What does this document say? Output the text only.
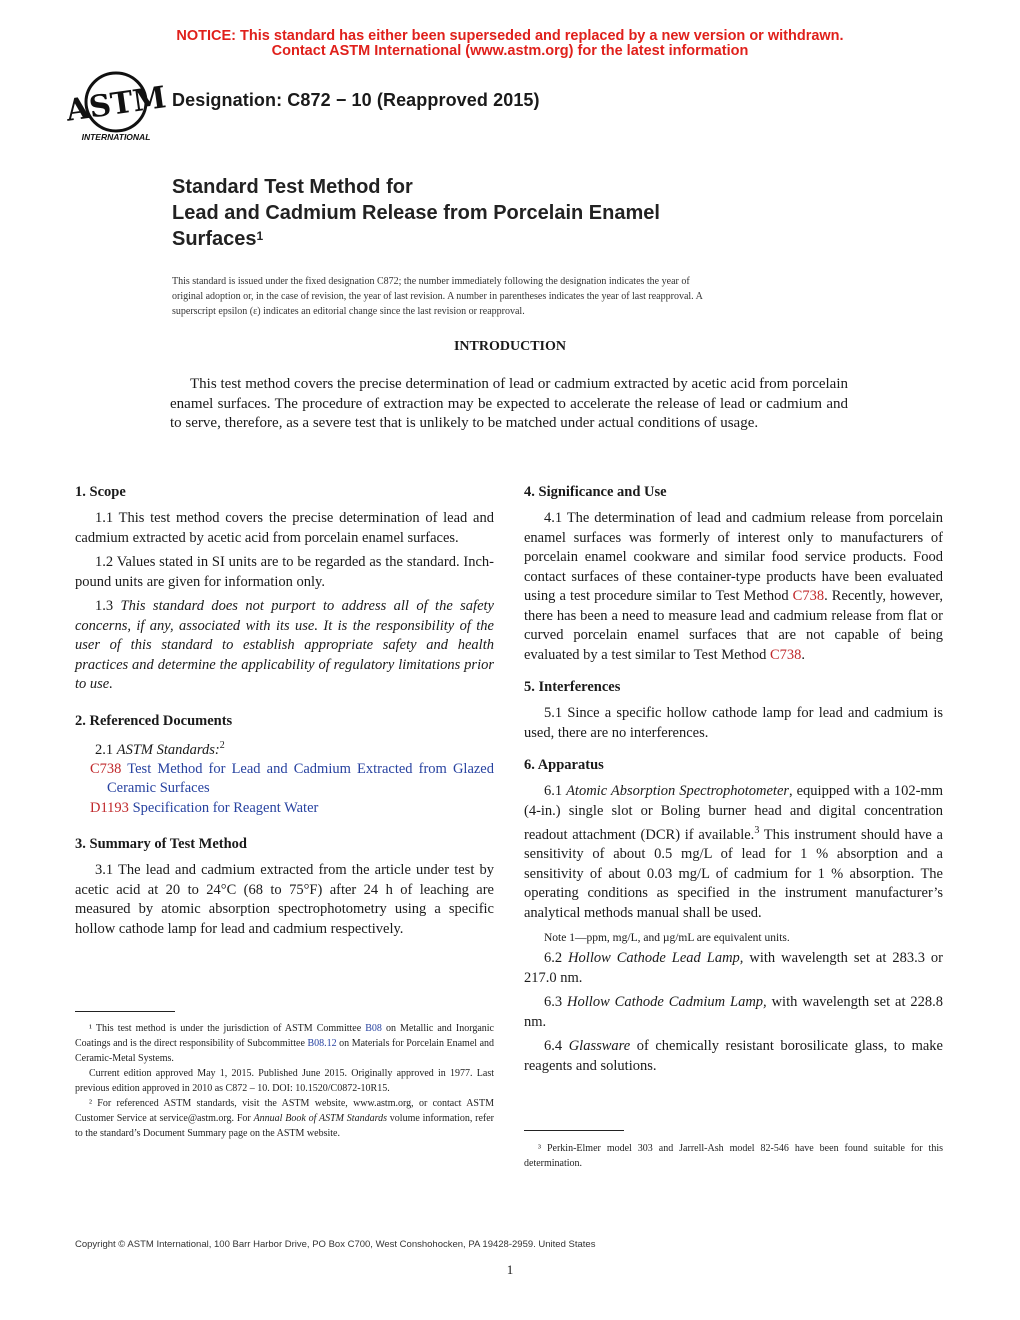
NOTICE: This standard has either been superseded and replaced by a new version or withdrawn.
Contact ASTM International (www.astm.org) for the latest information
ASTM
INTERNATIONAL
Designation: C872 − 10 (Reapproved 2015)
Standard Test Method for
Lead and Cadmium Release from Porcelain Enamel
Surfaces$^1$
This standard is issued under the fixed designation C872; the number immediately following the designation indicates the year of
original adoption or, in the case of revision, the year of last revision. A number in parentheses indicates the year of last reapproval. A
superscript epsilon (ε) indicates an editorial change since the last revision or reapproval.
INTRODUCTION
This test method covers the precise determination of lead or cadmium extracted by acetic acid from porcelain enamel surfaces. The procedure of extraction may be expected to accelerate the release of lead or cadmium and to serve, therefore, as a severe test that is unlikely to be matched under actual conditions of usage.
1. Scope
1.1 This test method covers the precise determination of lead and cadmium extracted by acetic acid from porcelain enamel surfaces.
1.2 Values stated in SI units are to be regarded as the standard. Inch-pound units are given for information only.
1.3 This standard does not purport to address all of the safety concerns, if any, associated with its use. It is the responsibility of the user of this standard to establish appropriate safety and health practices and determine the applicability of regulatory limitations prior to use.
2. Referenced Documents
2.1 ASTM Standards:$^2$
C738 Test Method for Lead and Cadmium Extracted from Glazed Ceramic Surfaces
D1193 Specification for Reagent Water
3. Summary of Test Method
3.1 The lead and cadmium extracted from the article under test by acetic acid at 20 to 24°C (68 to 75°F) after 24 h of leaching are measured by atomic absorption spectrophotometry using a specific hollow cathode lamp for lead and cadmium respectively.
¹ This test method is under the jurisdiction of ASTM Committee B08 on Metallic and Inorganic Coatings and is the direct responsibility of Subcommittee B08.12 on Materials for Porcelain Enamel and Ceramic-Metal Systems.
Current edition approved May 1, 2015. Published June 2015. Originally approved in 1977. Last previous edition approved in 2010 as C872 – 10. DOI: 10.1520/C0872-10R15.
² For referenced ASTM standards, visit the ASTM website, www.astm.org, or contact ASTM Customer Service at service@astm.org. For Annual Book of ASTM Standards volume information, refer to the standard’s Document Summary page on the ASTM website.
4. Significance and Use
4.1 The determination of lead and cadmium release from porcelain enamel surfaces was formerly of interest only to manufacturers of porcelain enamel cookware and similar food service products. Food contact surfaces of these container-type products have been evaluated using a test procedure similar to Test Method C738. Recently, however, there has been a need to measure lead and cadmium release from flat or curved porcelain enamel surfaces that are not capable of being evaluated by a test similar to Test Method C738.
5. Interferences
5.1 Since a specific hollow cathode lamp for lead and cadmium is used, there are no interferences.
6. Apparatus
6.1 Atomic Absorption Spectrophotometer, equipped with a 102-mm (4-in.) single slot or Boling burner head and digital concentration readout attachment (DCR) if available.$^3$ This instrument should have a sensitivity of about 0.5 mg/L of lead for 1 % absorption and a sensitivity of about 0.03 mg/L of cadmium for 1 % absorption. The operating conditions as specified in the instrument manufacturer’s analytical methods manual shall be used.
Note 1—ppm, mg/L, and µg/mL are equivalent units.
6.2 Hollow Cathode Lead Lamp, with wavelength set at 283.3 or 217.0 nm.
6.3 Hollow Cathode Cadmium Lamp, with wavelength set at 228.8 nm.
6.4 Glassware of chemically resistant borosilicate glass, to make reagents and solutions.
³ Perkin-Elmer model 303 and Jarrell-Ash model 82-546 have been found suitable for this determination.
Copyright © ASTM International, 100 Barr Harbor Drive, PO Box C700, West Conshohocken, PA 19428-2959. United States
1
